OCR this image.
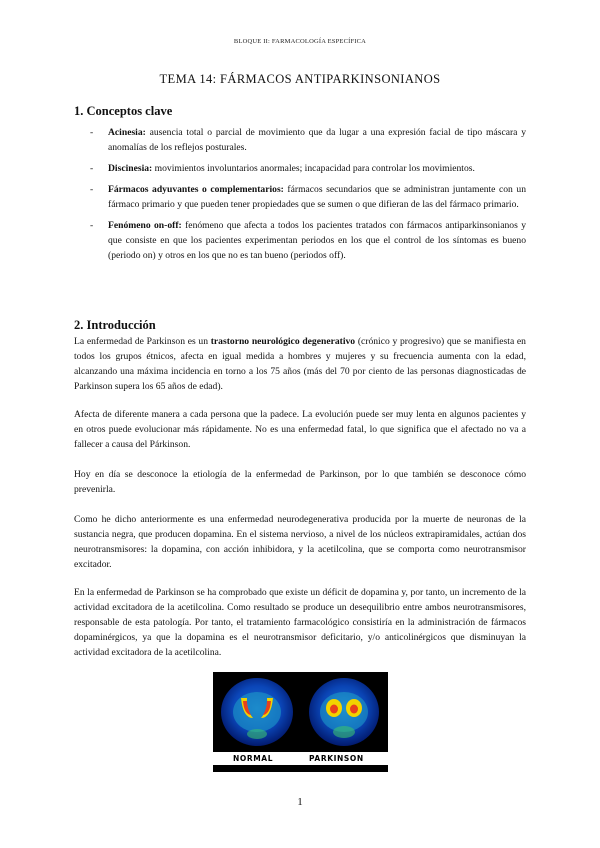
BLOQUE II: FARMACOLOGÍA ESPECÍFICA
TEMA 14: FÁRMACOS ANTIPARKINSONIANOS
1. Conceptos clave
- Acinesia: ausencia total o parcial de movimiento que da lugar a una expresión facial de tipo máscara y anomalías de los reflejos posturales.
- Discinesia: movimientos involuntarios anormales; incapacidad para controlar los movimientos.
- Fármacos adyuvantes o complementarios: fármacos secundarios que se administran juntamente con un fármaco primario y que pueden tener propiedades que se sumen o que difieran de las del fármaco primario.
- Fenómeno on-off: fenómeno que afecta a todos los pacientes tratados con fármacos antiparkinsonianos y que consiste en que los pacientes experimentan periodos en los que el control de los síntomas es bueno (periodo on) y otros en los que no es tan bueno (periodos off).
2. Introducción

La enfermedad de Parkinson es un trastorno neurológico degenerativo (crónico y progresivo) que se manifiesta en todos los grupos étnicos, afecta en igual medida a hombres y mujeres y su frecuencia aumenta con la edad, alcanzando una máxima incidencia en torno a los 75 años (más del 70 por ciento de las personas diagnosticadas de Parkinson supera los 65 años de edad).

Afecta de diferente manera a cada persona que la padece. La evolución puede ser muy lenta en algunos pacientes y en otros puede evolucionar más rápidamente. No es una enfermedad fatal, lo que significa que el afectado no va a fallecer a causa del Párkinson.

Hoy en día se desconoce la etiología de la enfermedad de Parkinson, por lo que también se desconoce cómo prevenirla.

Como he dicho anteriormente es una enfermedad neurodegenerativa producida por la muerte de neuronas de la sustancia negra, que producen dopamina. En el sistema nervioso, a nivel de los núcleos extrapiramidales, actúan dos neurotransmisores: la dopamina, con acción inhibidora, y la acetilcolina, que se comporta como neurotransmisor excitador.

En la enfermedad de Parkinson se ha comprobado que existe un déficit de dopamina y, por tanto, un incremento de la actividad excitadora de la acetilcolina. Como resultado se produce un desequilibrio entre ambos neurotransmisores, responsable de esta patología. Por tanto, el tratamiento farmacológico consistiría en la administración de fármacos dopaminérgicos, ya que la dopamina es el neurotransmisor deficitario, y/o anticolinérgicos que disminuyan la actividad excitadora de la acetilcolina.

NORMAL	PARKINSON
1
